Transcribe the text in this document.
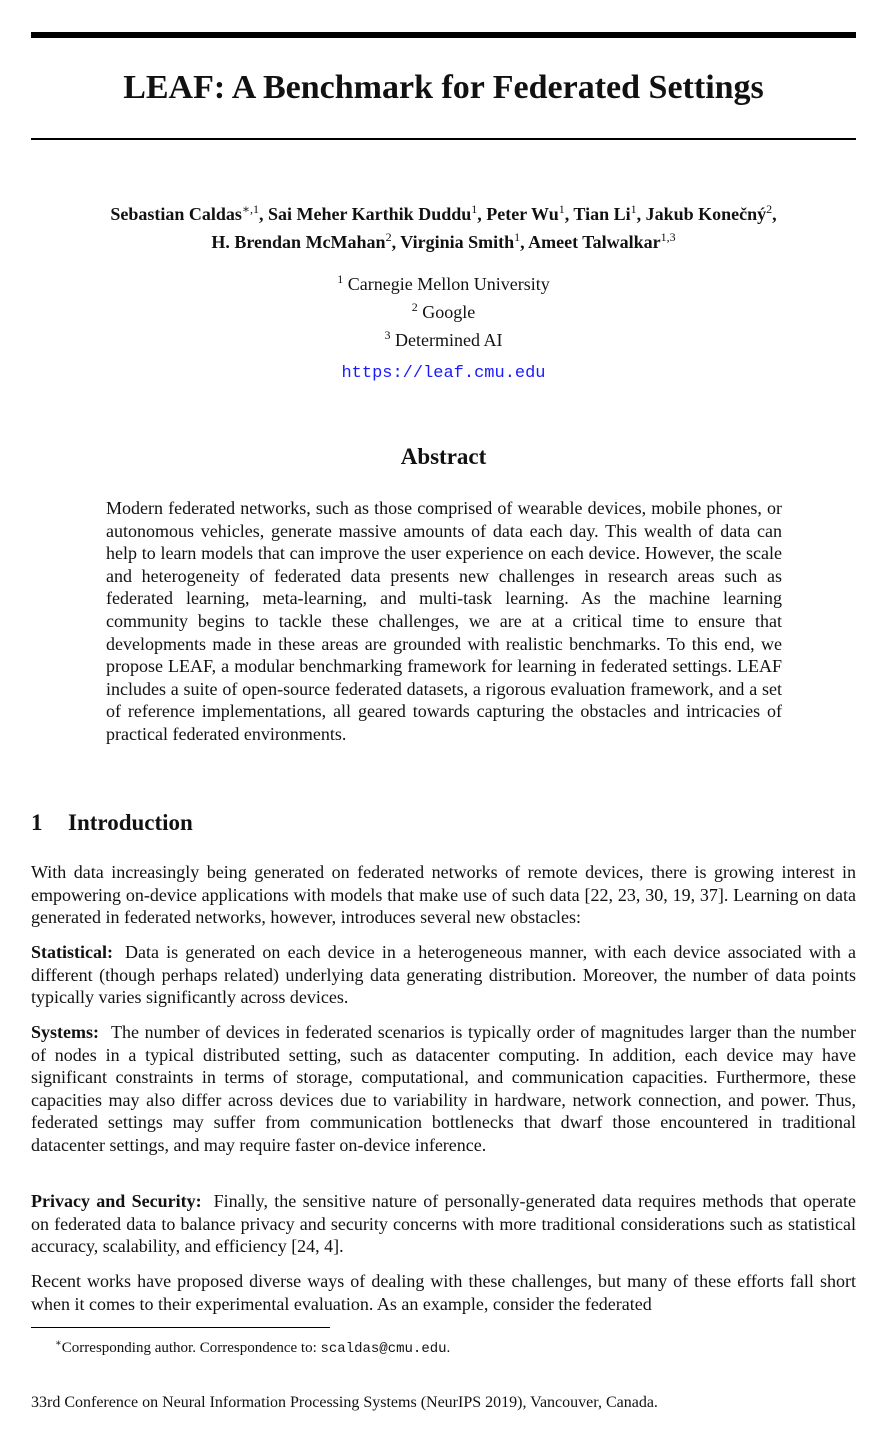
LEAF: A Benchmark for Federated Settings
Sebastian Caldas$^{∗,1}$, Sai Meher Karthik Duddu$^1$, Peter Wu$^1$, Tian Li$^1$, Jakub Konečný$^2$,
H. Brendan McMahan$^2$, Virginia Smith$^1$, Ameet Talwalkar$^{1,3}$
$^1$ Carnegie Mellon University
$^2$ Google
$^3$ Determined AI
https://leaf.cmu.edu
Abstract

Modern federated networks, such as those comprised of wearable devices, mobile phones, or autonomous vehicles, generate massive amounts of data each day. This wealth of data can help to learn models that can improve the user experience on each device. However, the scale and heterogeneity of federated data presents new challenges in research areas such as federated learning, meta-learning, and multi-task learning. As the machine learning community begins to tackle these challenges, we are at a critical time to ensure that developments made in these areas are grounded with realistic benchmarks. To this end, we propose LEAF, a modular benchmarking framework for learning in federated settings. LEAF includes a suite of open-source federated datasets, a rigorous evaluation framework, and a set of reference implementations, all geared towards capturing the obstacles and intricacies of practical federated environments.

1 Introduction

With data increasingly being generated on federated networks of remote devices, there is growing interest in empowering on-device applications with models that make use of such data [22, 23, 30, 19, 37]. Learning on data generated in federated networks, however, introduces several new obstacles:

Statistical: Data is generated on each device in a heterogeneous manner, with each device associated with a different (though perhaps related) underlying data generating distribution. Moreover, the number of data points typically varies significantly across devices.

Systems: The number of devices in federated scenarios is typically order of magnitudes larger than the number of nodes in a typical distributed setting, such as datacenter computing. In addition, each device may have significant constraints in terms of storage, computational, and communication capacities. Furthermore, these capacities may also differ across devices due to variability in hardware, network connection, and power. Thus, federated settings may suffer from communication bottlenecks that dwarf those encountered in traditional datacenter settings, and may require faster on-device inference.

Privacy and Security: Finally, the sensitive nature of personally-generated data requires methods that operate on federated data to balance privacy and security concerns with more traditional considerations such as statistical accuracy, scalability, and efficiency [24, 4].

Recent works have proposed diverse ways of dealing with these challenges, but many of these efforts fall short when it comes to their experimental evaluation. As an example, consider the federated

∗Corresponding author. Correspondence to: scaldas@cmu.edu.
33rd Conference on Neural Information Processing Systems (NeurIPS 2019), Vancouver, Canada.
